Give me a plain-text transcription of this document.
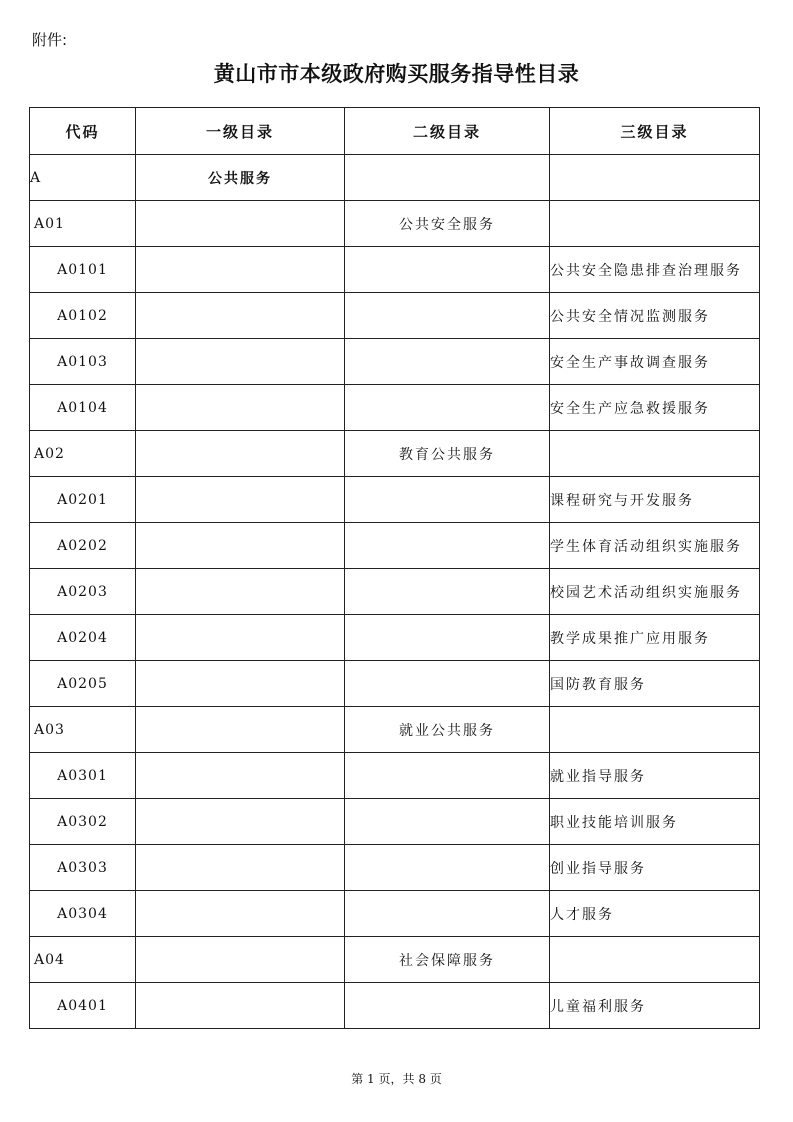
附件:
黄山市市本级政府购买服务指导性目录
代码	一级目录	二级目录	三级目录
A	公共服务		
A01		公共安全服务	
A0101			公共安全隐患排查治理服务
A0102			公共安全情况监测服务
A0103			安全生产事故调查服务
A0104			安全生产应急救援服务
A02		教育公共服务	
A0201			课程研究与开发服务
A0202			学生体育活动组织实施服务
A0203			校园艺术活动组织实施服务
A0204			教学成果推广应用服务
A0205			国防教育服务
A03		就业公共服务	
A0301			就业指导服务
A0302			职业技能培训服务
A0303			创业指导服务
A0304			人才服务
A04		社会保障服务	
A0401			儿童福利服务
第 1 页，共 8 页
